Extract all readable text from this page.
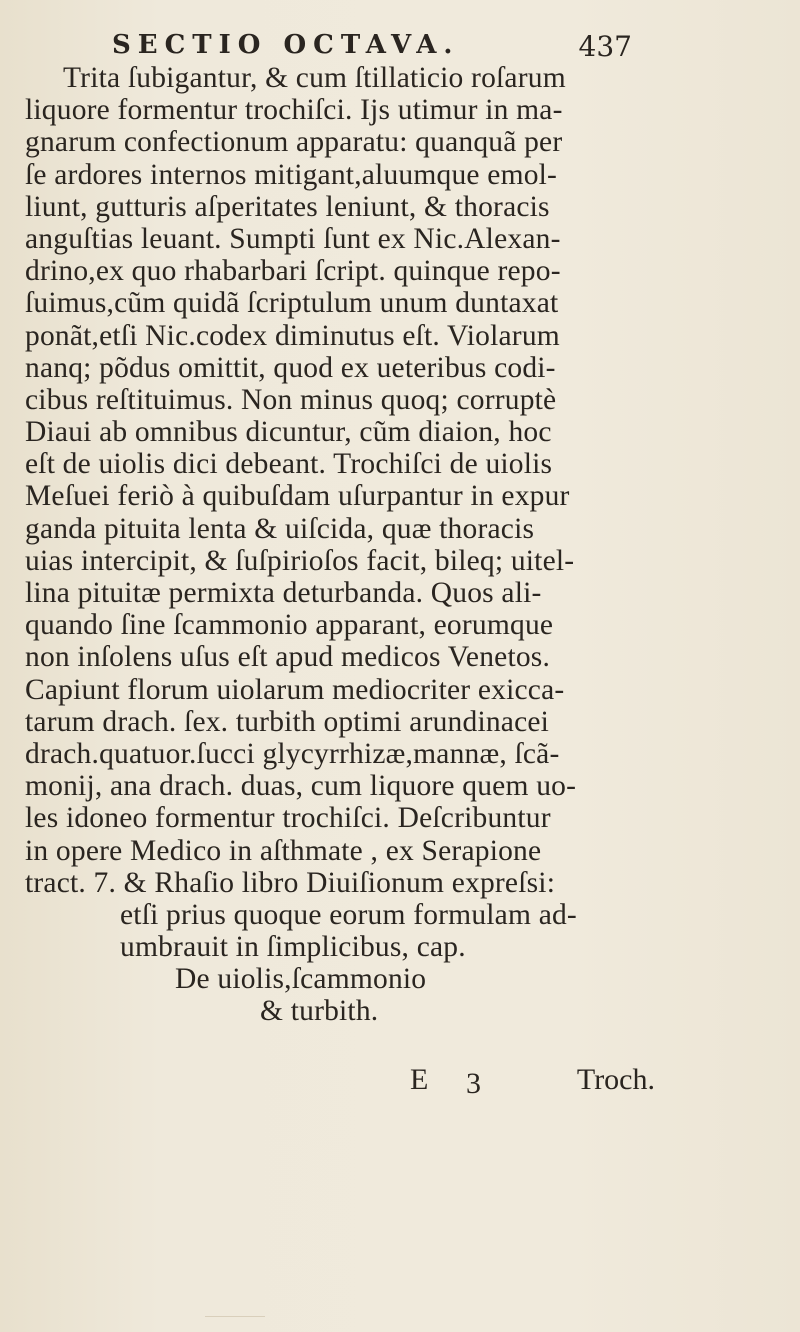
SECTIO OCTAVA.	437
Trita ſubigantur, & cum ſtillaticio roſarum
liquore formentur trochiſci. Ijs utimur in ma-
gnarum confectionum apparatu: quanquã per
ſe ardores internos mitigant,aluumque emol-
liunt, gutturis aſperitates leniunt, & thoracis
anguſtias leuant. Sumpti ſunt ex Nic.Alexan-
drino,ex quo rhabarbari ſcript. quinque repo-
ſuimus,cũm quidã ſcriptulum unum duntaxat
ponãt,etſi Nic.codex diminutus eſt. Violarum
nanq; põdus omittit, quod ex ueteribus codi-
cibus reſtituimus. Non minus quoq; corruptè
Diaui ab omnibus dicuntur, cũm diaion, hoc
eſt de uiolis dici debeant. Trochiſci de uiolis
Meſuei feriò à quibuſdam uſurpantur in expur
ganda pituita lenta & uiſcida, quæ thoracis
uias intercipit, & ſuſpirioſos facit, bileq; uitel-
lina pituitæ permixta deturbanda. Quos ali-
quando ſine ſcammonio apparant, eorumque
non inſolens uſus eſt apud medicos Venetos.
Capiunt florum uiolarum mediocriter exicca-
tarum drach. ſex. turbith optimi arundinacei
drach.quatuor.ſucci glycyrrhizæ,mannæ, ſcã-
monij, ana drach. duas, cum liquore quem uo-
les idoneo formentur trochiſci. Deſcribuntur
in opere Medico in aſthmate , ex Serapione
tract. 7. & Rhaſio libro Diuiſionum expreſsi:
etſi prius quoque eorum formulam ad-
umbrauit in ſimplicibus, cap.
De uiolis,ſcammonio
& turbith.
E 3	Troch.
